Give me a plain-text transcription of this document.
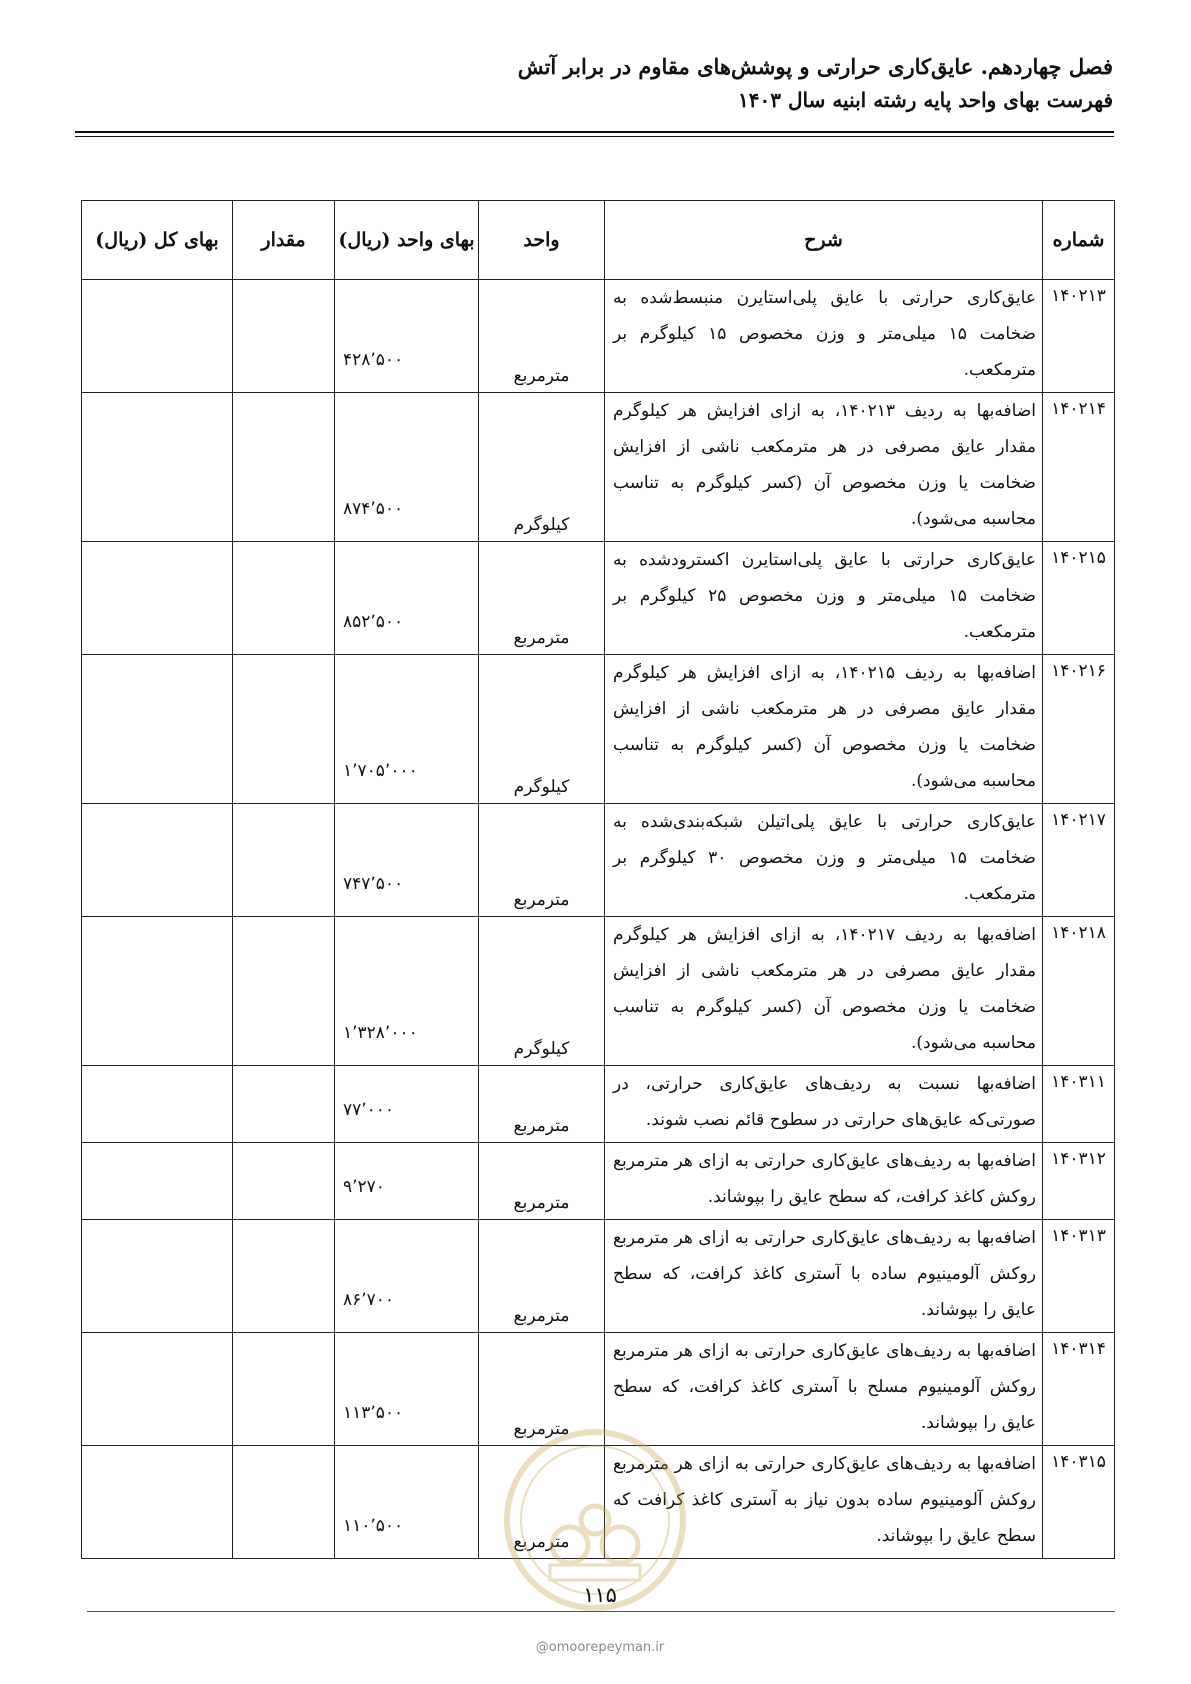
فصل چهاردهم. عایق‌کاری حرارتی و پوشش‌های مقاوم در برابر آتش
فهرست بهای واحد پایه رشته ابنیه سال ۱۴۰۳
شماره	شرح	واحد	بهای واحد (ریال)	مقدار	بهای کل (ریال)
۱۴۰۲۱۳	عایق‌کاری حرارتی با عایق پلی‌استایرن منبسط‌شده به ضخامت ۱۵ میلی‌متر و وزن مخصوص ۱۵ کیلوگرم بر مترمکعب.	مترمربع	۴۲۸٬۵۰۰		
۱۴۰۲۱۴	اضافه‌بها به ردیف ۱۴۰۲۱۳، به ازای افزایش هر کیلوگرم مقدار عایق مصرفی در هر مترمکعب ناشی از افزایش ضخامت یا وزن مخصوص آن (کسر کیلوگرم به تناسب محاسبه می‌شود).	کیلوگرم	۸۷۴٬۵۰۰		
۱۴۰۲۱۵	عایق‌کاری حرارتی با عایق پلی‌استایرن اکسترودشده به ضخامت ۱۵ میلی‌متر و وزن مخصوص ۲۵ کیلوگرم بر مترمکعب.	مترمربع	۸۵۲٬۵۰۰		
۱۴۰۲۱۶	اضافه‌بها به ردیف ۱۴۰۲۱۵، به ازای افزایش هر کیلوگرم مقدار عایق مصرفی در هر مترمکعب ناشی از افزایش ضخامت یا وزن مخصوص آن (کسر کیلوگرم به تناسب محاسبه می‌شود).	کیلوگرم	۱٬۷۰۵٬۰۰۰		
۱۴۰۲۱۷	عایق‌کاری حرارتی با عایق پلی‌اتیلن شبکه‌بندی‌شده به ضخامت ۱۵ میلی‌متر و وزن مخصوص ۳۰ کیلوگرم بر مترمکعب.	مترمربع	۷۴۷٬۵۰۰		
۱۴۰۲۱۸	اضافه‌بها به ردیف ۱۴۰۲۱۷، به ازای افزایش هر کیلوگرم مقدار عایق مصرفی در هر مترمکعب ناشی از افزایش ضخامت یا وزن مخصوص آن (کسر کیلوگرم به تناسب محاسبه می‌شود).	کیلوگرم	۱٬۳۲۸٬۰۰۰		
۱۴۰۳۱۱	اضافه‌بها نسبت به ردیف‌های عایق‌کاری حرارتی، در صورتی‌که عایق‌های حرارتی در سطوح قائم نصب شوند.	مترمربع	۷۷٬۰۰۰		
۱۴۰۳۱۲	اضافه‌بها به ردیف‌های عایق‌کاری حرارتی به ازای هر مترمربع روکش کاغذ کرافت، که سطح عایق را بپوشاند.	مترمربع	۹٬۲۷۰		
۱۴۰۳۱۳	اضافه‌بها به ردیف‌های عایق‌کاری حرارتی به ازای هر مترمربع روکش آلومینیوم ساده با آستری کاغذ کرافت، که سطح عایق را بپوشاند.	مترمربع	۸۶٬۷۰۰		
۱۴۰۳۱۴	اضافه‌بها به ردیف‌های عایق‌کاری حرارتی به ازای هر مترمربع روکش آلومینیوم مسلح با آستری کاغذ کرافت، که سطح عایق را بپوشاند.	مترمربع	۱۱۳٬۵۰۰		
۱۴۰۳۱۵	اضافه‌بها به ردیف‌های عایق‌کاری حرارتی به ازای هر مترمربع روکش آلومینیوم ساده بدون نیاز به آستری کاغذ کرافت که سطح عایق را بپوشاند.	مترمربع	۱۱۰٬۵۰۰		
۱۱۵
@omoorepeyman.ir
